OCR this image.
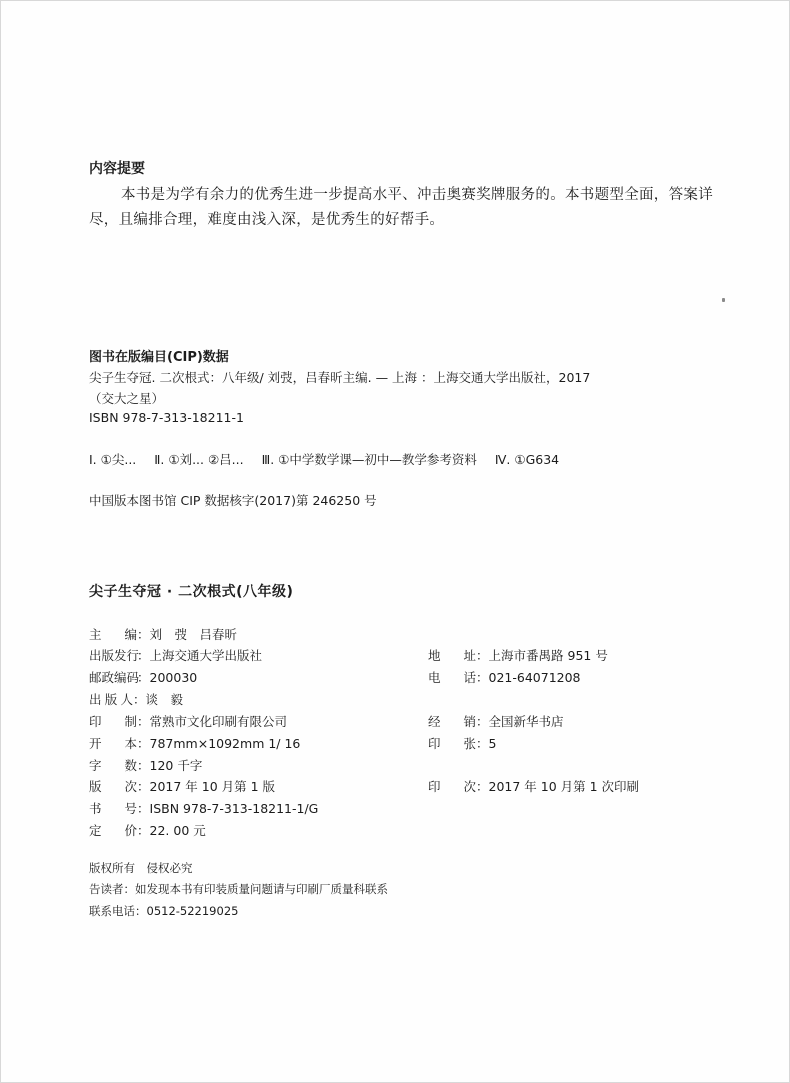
内容提要
本书是为学有余力的优秀生进一步提高水平、冲击奥赛奖牌服务的。本书题型全面，答案详
尽，且编排合理，难度由浅入深，是优秀生的好帮手。
图书在版编目(CIP)数据
尖子生夺冠. 二次根式：八年级/ 刘弢，吕春昕主编. — 上海 ：上海交通大学出版社，2017
（交大之星）
ISBN 978-7-313-18211-1
Ⅰ. ①尖... Ⅱ. ①刘... ②吕... Ⅲ. ①中学数学课—初中—教学参考资料 Ⅳ. ①G634
中国版本图书馆 CIP 数据核字(2017)第 246250 号
尖子生夺冠 · 二次根式(八年级)
主编：刘　弢　吕春昕
出版发行：上海交通大学出版社
邮政编码：200030
出版人：谈　毅
印制：常熟市文化印刷有限公司
开本：787mm×1092mm 1/ 16
字数：120 千字
版次：2017 年 10 月第 1 版
书号：ISBN 978-7-313-18211-1/G
定价：22. 00 元
地址：上海市番禺路 951 号
电话：021-64071208
经销：全国新华书店
印张：5
印次：2017 年 10 月第 1 次印刷
版权所有　侵权必究
告读者：如发现本书有印装质量问题请与印刷厂质量科联系
联系电话：0512-52219025
